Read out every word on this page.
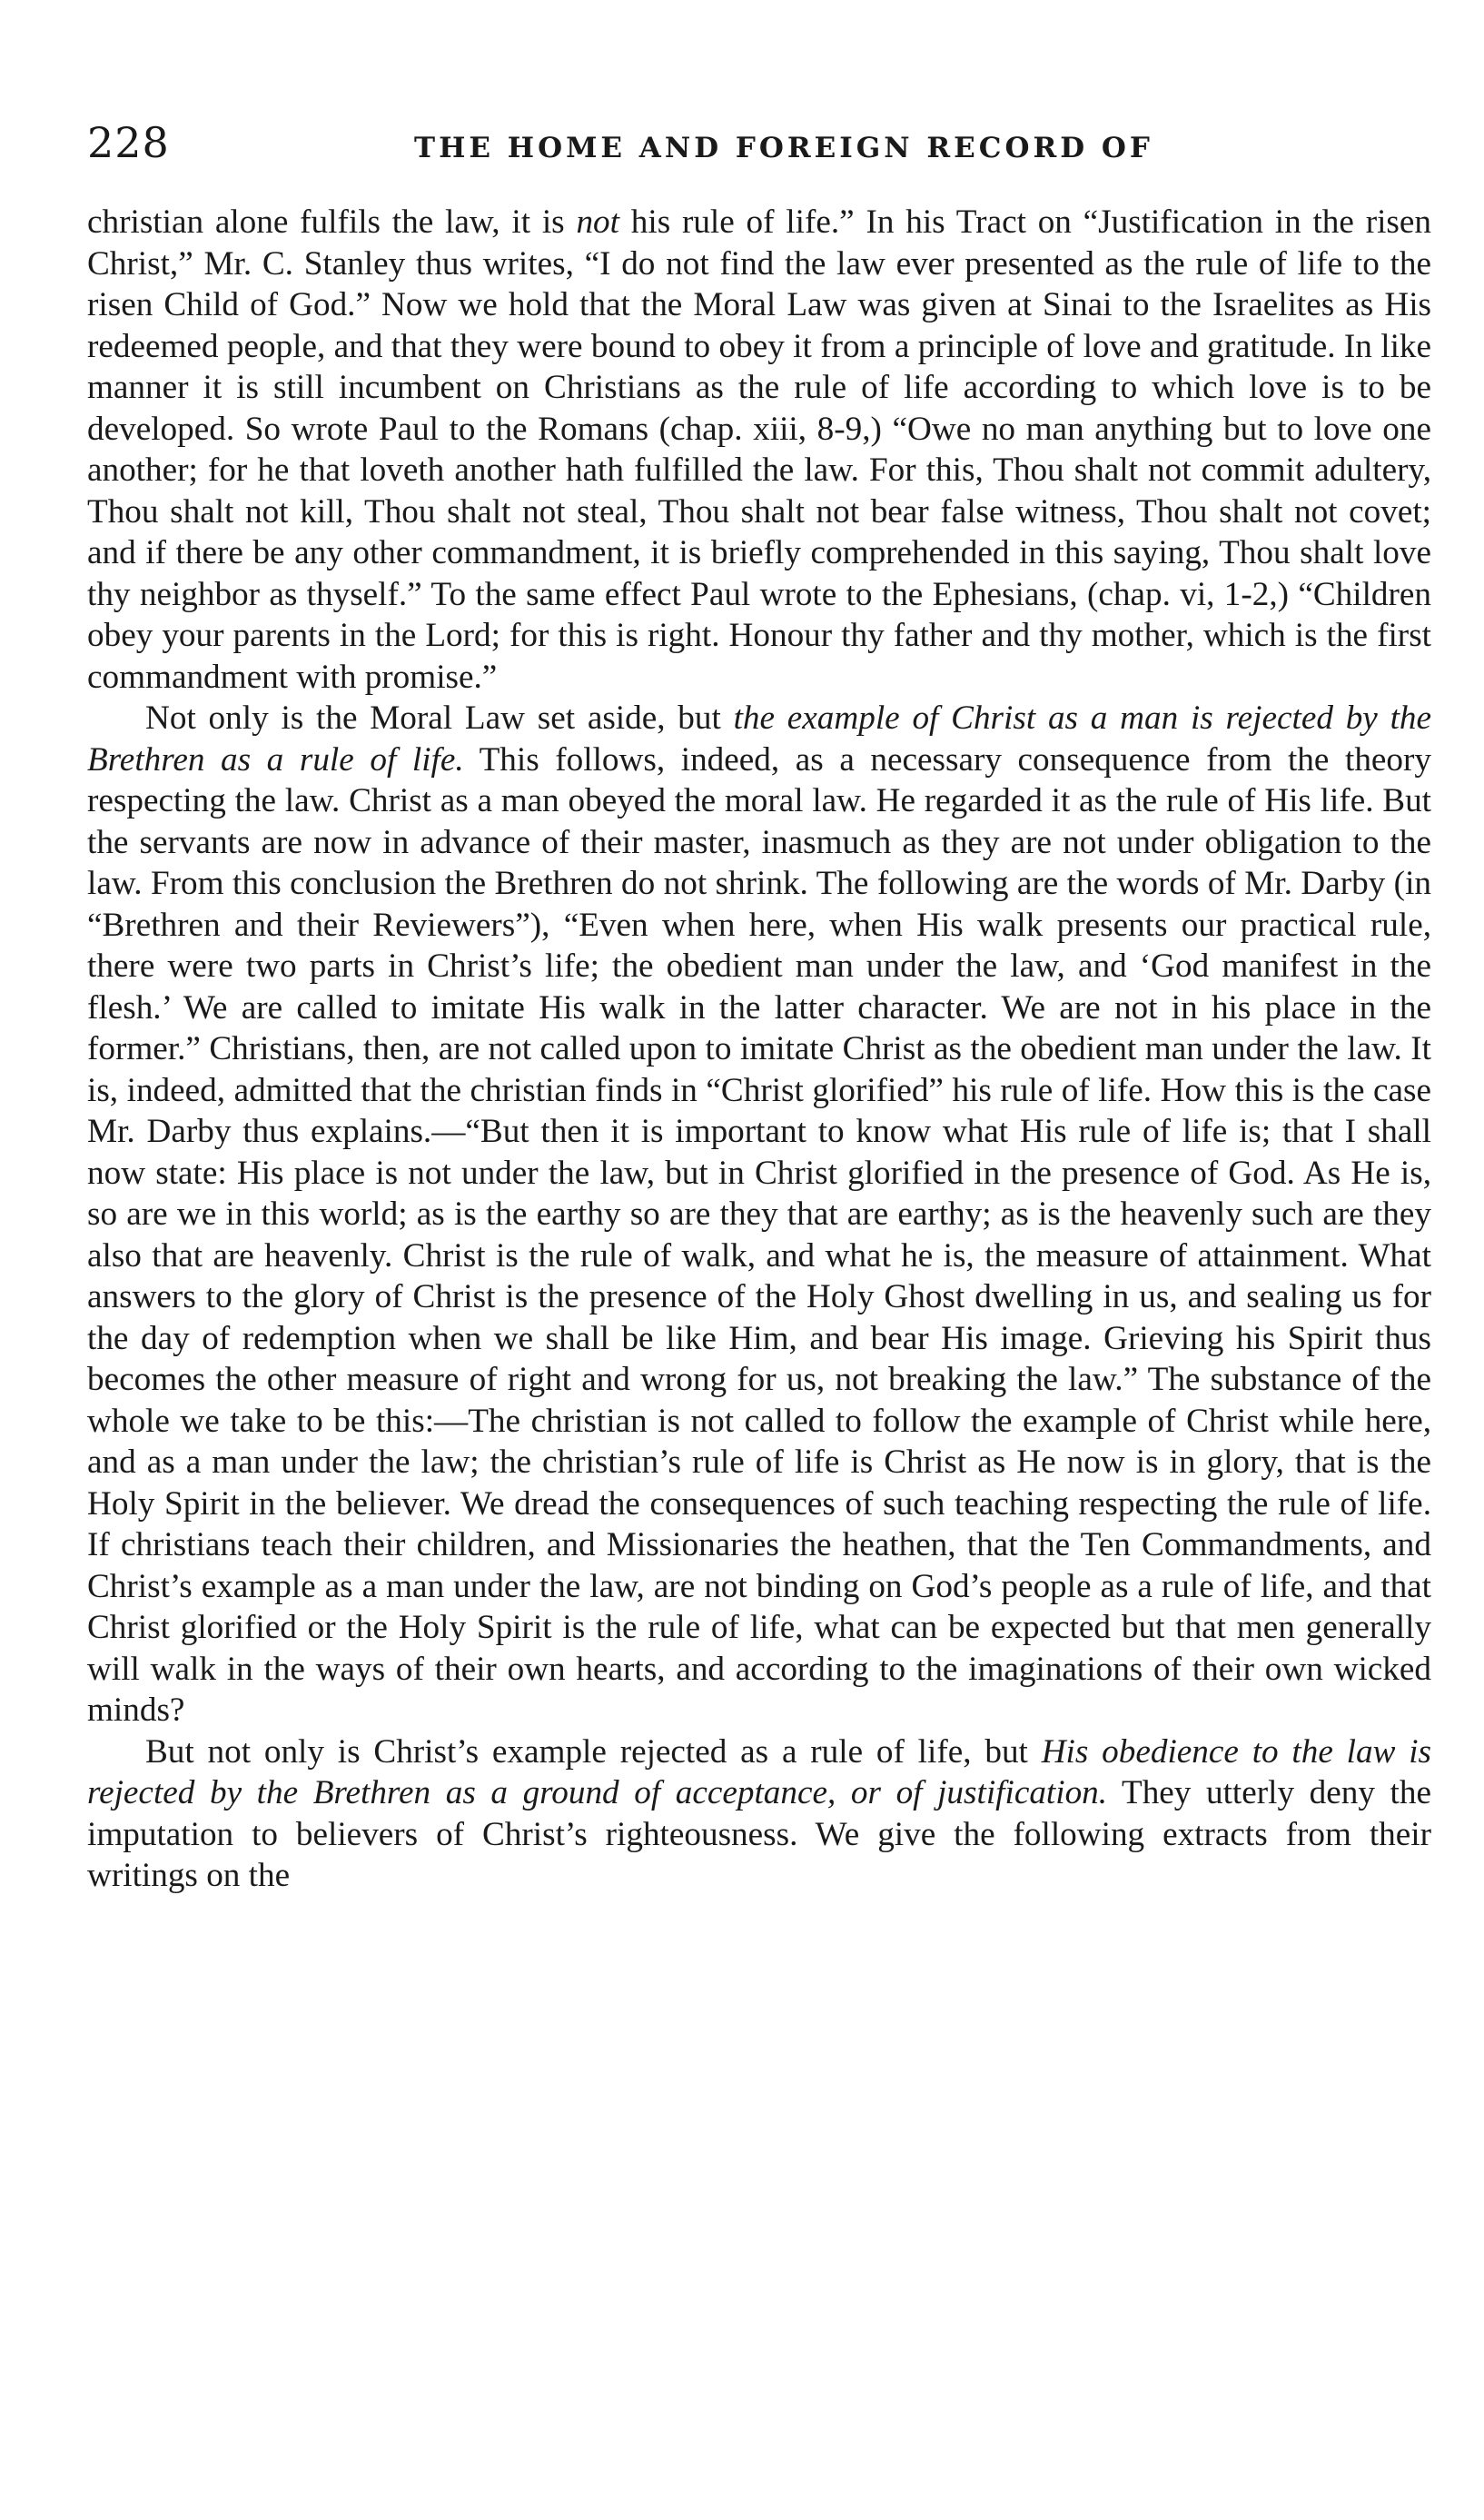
228	THE HOME AND FOREIGN RECORD OF

christian alone fulfils the law, it is not his rule of life.” In his Tract on “Justification in the risen Christ,” Mr. C. Stanley thus writes, “I do not find the law ever presented as the rule of life to the risen Child of God.” Now we hold that the Moral Law was given at Sinai to the Israelites as His redeemed people, and that they were bound to obey it from a principle of love and gratitude. In like manner it is still incumbent on Christians as the rule of life according to which love is to be developed. So wrote Paul to the Romans (chap. xiii, 8-9,) “Owe no man anything but to love one another; for he that loveth another hath fulfilled the law. For this, Thou shalt not commit adultery, Thou shalt not kill, Thou shalt not steal, Thou shalt not bear false witness, Thou shalt not covet; and if there be any other commandment, it is briefly comprehended in this saying, Thou shalt love thy neighbor as thyself.” To the same effect Paul wrote to the Ephesians, (chap. vi, 1-2,) “Children obey your parents in the Lord; for this is right. Honour thy father and thy mother, which is the first commandment with promise.”

Not only is the Moral Law set aside, but the example of Christ as a man is rejected by the Brethren as a rule of life. This follows, indeed, as a necessary consequence from the theory respecting the law. Christ as a man obeyed the moral law. He regarded it as the rule of His life. But the servants are now in advance of their master, inasmuch as they are not under obligation to the law. From this conclusion the Brethren do not shrink. The following are the words of Mr. Darby (in “Brethren and their Reviewers”), “Even when here, when His walk presents our practical rule, there were two parts in Christ’s life; the obedient man under the law, and ‘God manifest in the flesh.’ We are called to imitate His walk in the latter character. We are not in his place in the former.” Christians, then, are not called upon to imitate Christ as the obedient man under the law. It is, indeed, admitted that the christian finds in “Christ glorified” his rule of life. How this is the case Mr. Darby thus explains.—“But then it is important to know what His rule of life is; that I shall now state: His place is not under the law, but in Christ glorified in the presence of God. As He is, so are we in this world; as is the earthy so are they that are earthy; as is the heavenly such are they also that are heavenly. Christ is the rule of walk, and what he is, the measure of attainment. What answers to the glory of Christ is the presence of the Holy Ghost dwelling in us, and sealing us for the day of redemption when we shall be like Him, and bear His image. Grieving his Spirit thus becomes the other measure of right and wrong for us, not breaking the law.” The substance of the whole we take to be this:—The christian is not called to follow the example of Christ while here, and as a man under the law; the christian’s rule of life is Christ as He now is in glory, that is the Holy Spirit in the believer. We dread the consequences of such teaching respecting the rule of life. If christians teach their children, and Missionaries the heathen, that the Ten Commandments, and Christ’s example as a man under the law, are not binding on God’s people as a rule of life, and that Christ glorified or the Holy Spirit is the rule of life, what can be expected but that men generally will walk in the ways of their own hearts, and according to the imaginations of their own wicked minds?

But not only is Christ’s example rejected as a rule of life, but His obedience to the law is rejected by the Brethren as a ground of acceptance, or of justification. They utterly deny the imputation to believers of Christ’s righteousness. We give the following extracts from their writings on the
